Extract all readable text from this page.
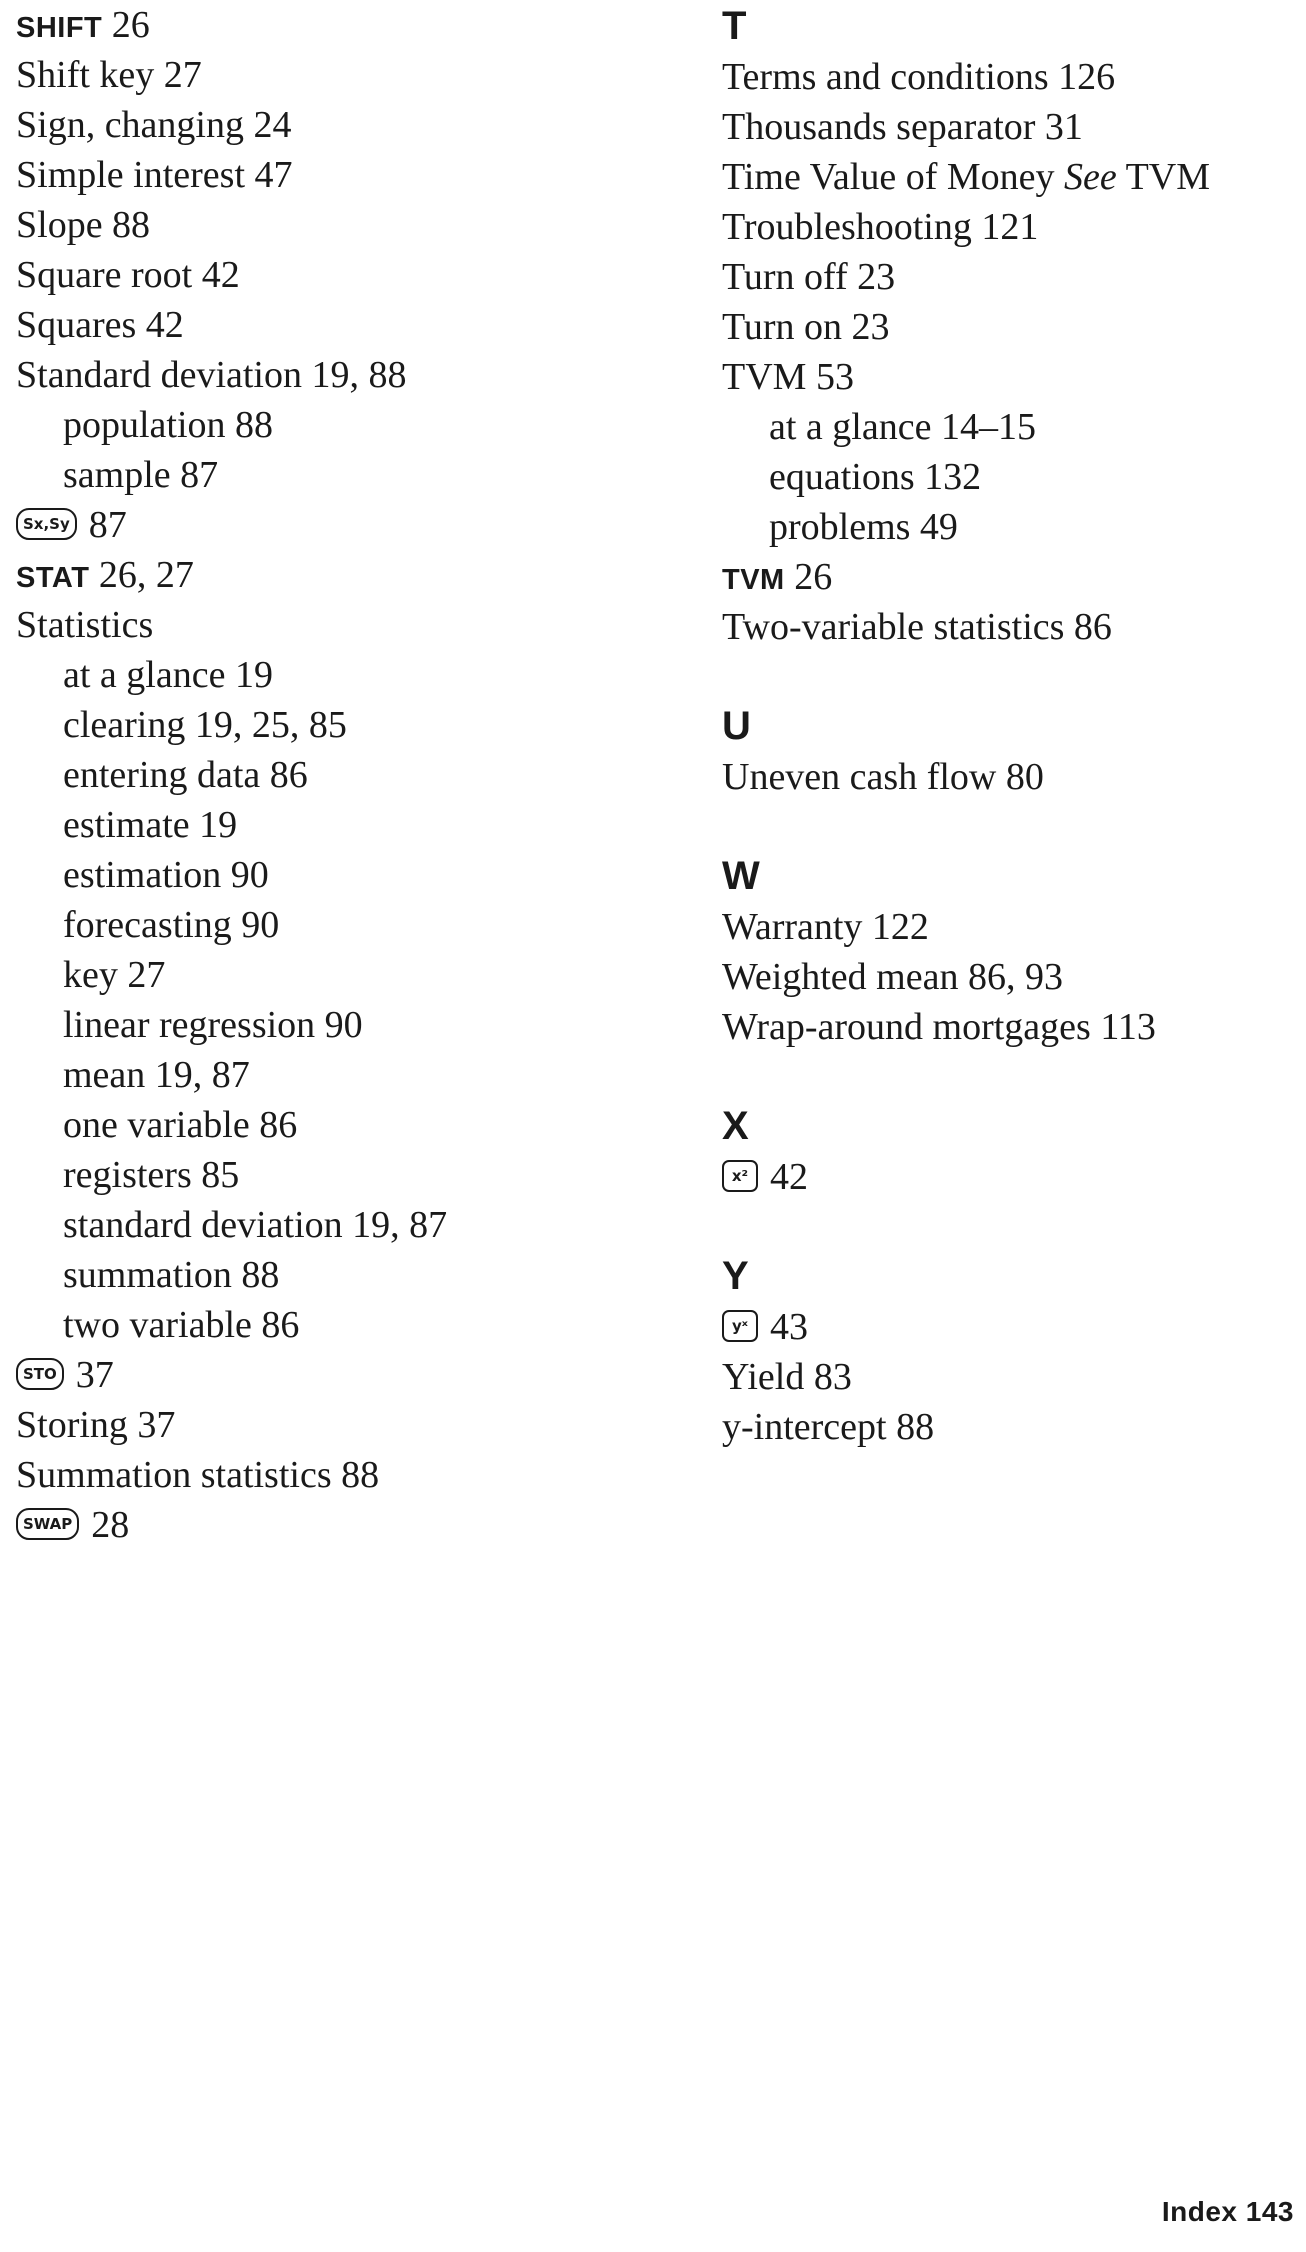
SHIFT 26
Shift key 27
Sign, changing 24
Simple interest 47
Slope 88
Square root 42
Squares 42
Standard deviation 19, 88
population 88
sample 87
Sx,Sy 87
STAT 26, 27
Statistics
at a glance 19
clearing 19, 25, 85
entering data 86
estimate 19
estimation 90
forecasting 90
key 27
linear regression 90
mean 19, 87
one variable 86
registers 85
standard deviation 19, 87
summation 88
two variable 86
STO 37
Storing 37
Summation statistics 88
SWAP 28
T
Terms and conditions 126
Thousands separator 31
Time Value of Money See TVM
Troubleshooting 121
Turn off 23
Turn on 23
TVM 53
at a glance 14–15
equations 132
problems 49
TVM 26
Two-variable statistics 86
U
Uneven cash flow 80
W
Warranty 122
Weighted mean 86, 93
Wrap-around mortgages 113
X
x² 42
Y
yˣ 43
Yield 83
y-intercept 88
Index 143
